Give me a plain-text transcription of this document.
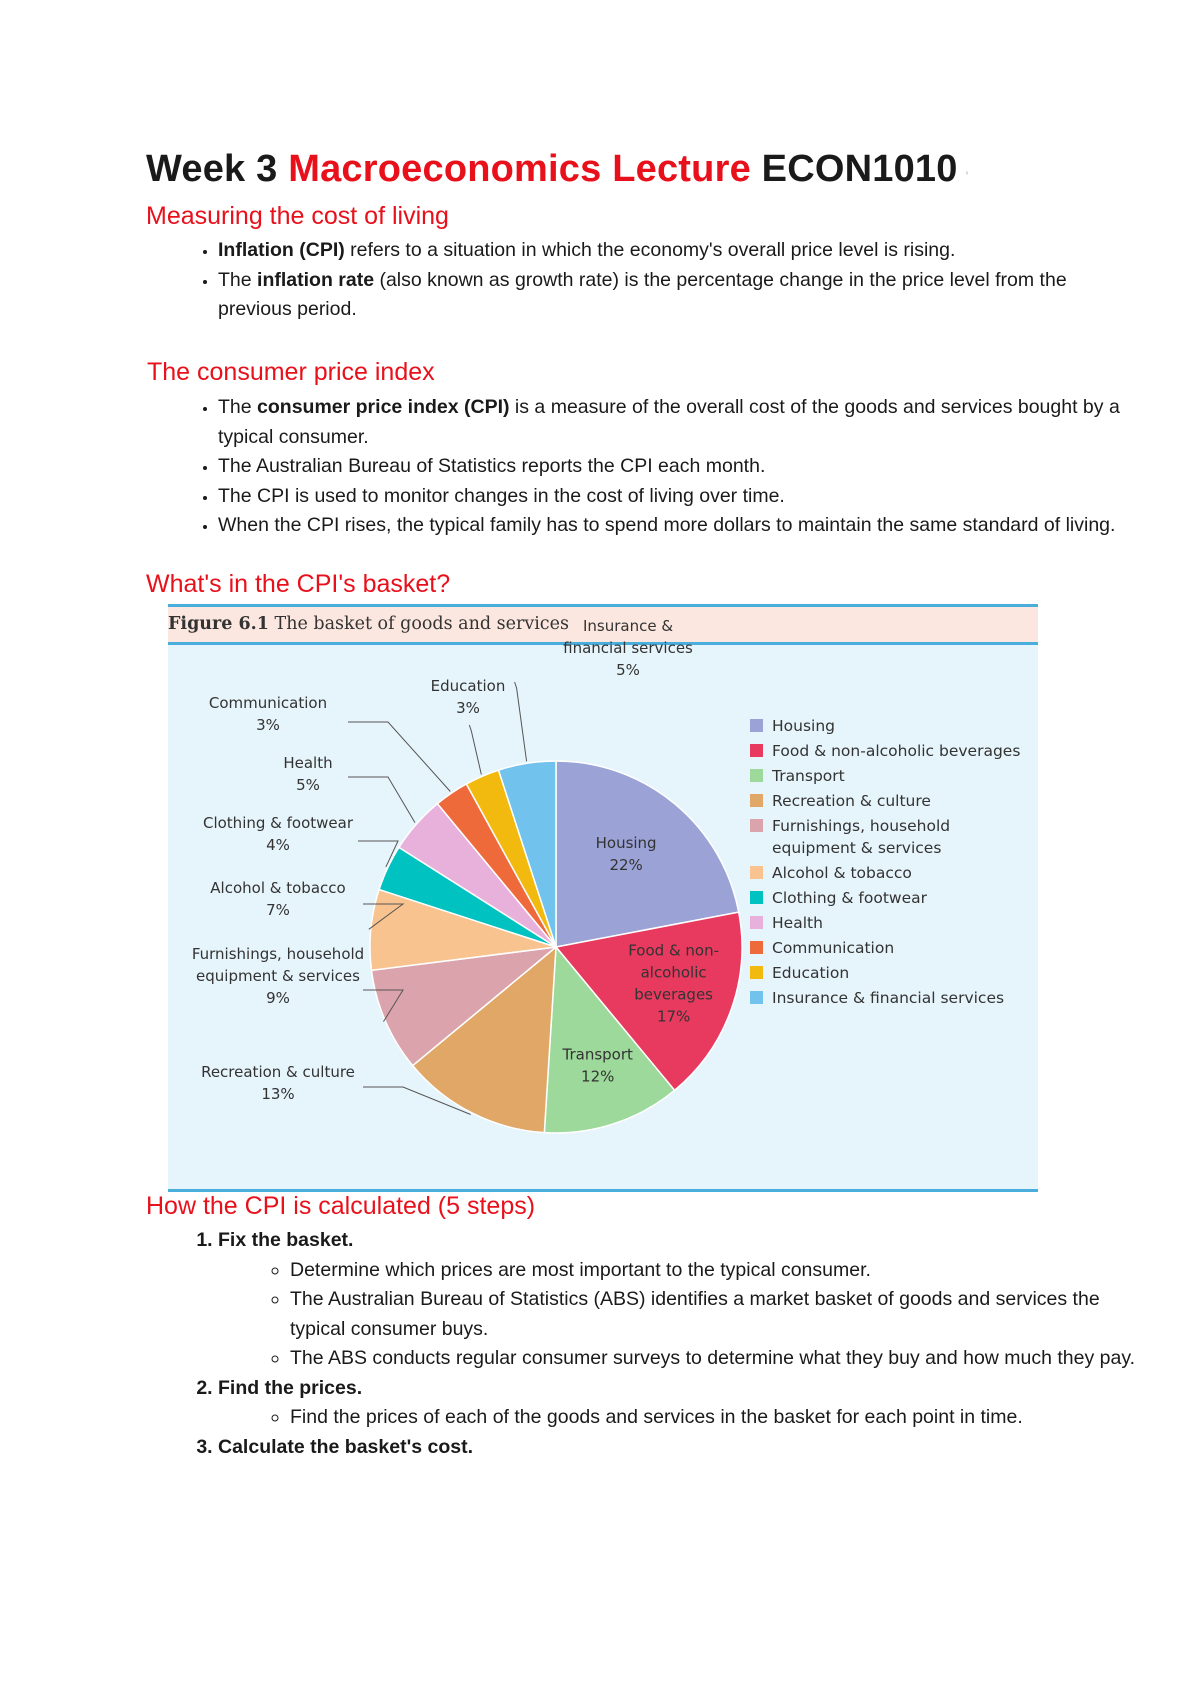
Week 3 Macroeconomics Lecture ECON1010 '
Measuring the cost of living
• Inflation (CPI) refers to a situation in which the economy's overall price level is rising.
• The inflation rate (also known as growth rate) is the percentage change in the price level from the previous period.
The consumer price index
• The consumer price index (CPI) is a measure of the overall cost of the goods and services bought by a typical consumer.
• The Australian Bureau of Statistics reports the CPI each month.
• The CPI is used to monitor changes in the cost of living over time.
• When the CPI rises, the typical family has to spend more dollars to maintain the same standard of living.
What's in the CPI's basket?
Figure 6.1 The basket of goods and services
Housing 22%
Food & non-alcoholic beverages 17%
Transport 12%
Recreation & culture 13%
Furnishings, household equipment & services 9%
Alcohol & tobacco 7%
Clothing & footwear 4%
Health 5%
Communication 3%
Education 3%
Insurance & financial services 5%
Housing
Food & non-alcoholic beverages
Transport
Recreation & culture
Furnishings, household equipment & services
Alcohol & tobacco
Clothing & footwear
Health
Communication
Education
Insurance & financial services
How the CPI is calculated (5 steps)
1. Fix the basket.
◦ Determine which prices are most important to the typical consumer.
◦ The Australian Bureau of Statistics (ABS) identifies a market basket of goods and services the typical consumer buys.
◦ The ABS conducts regular consumer surveys to determine what they buy and how much they pay.
2. Find the prices.
◦ Find the prices of each of the goods and services in the basket for each point in time.
3. Calculate the basket's cost.
